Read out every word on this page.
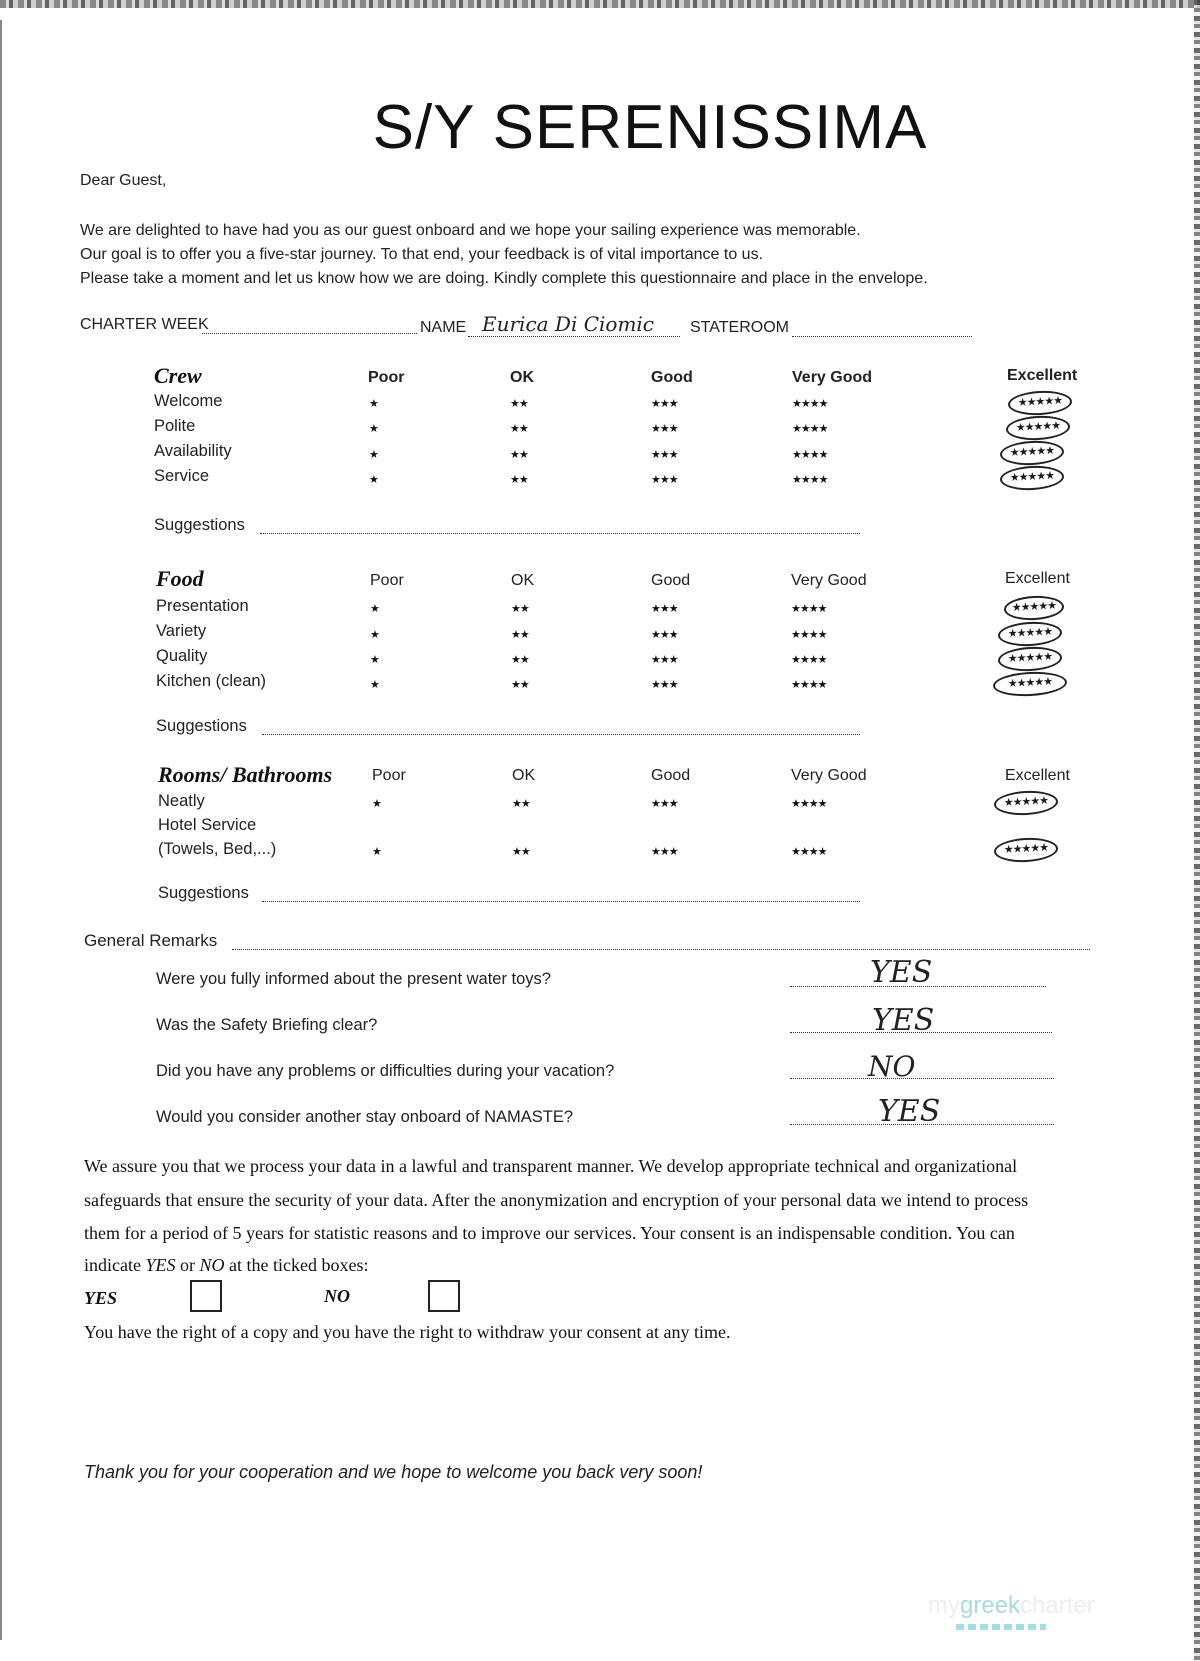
S/Y SERENISSIMA
Dear Guest,
We are delighted to have had you as our guest onboard and we hope your sailing experience was memorable.
Our goal is to offer you a five-star journey. To that end, your feedback is of vital importance to us.
Please take a moment and let us know how we are doing. Kindly complete this questionnaire and place in the envelope.
CHARTER WEEK	NAME Eurica Di Ciomic STATEROOM
Crew	Poor	OK	Good	Very Good	Excellent
Welcome	★	★★	★★★	★★★★	★★★★★
Polite	★	★★	★★★	★★★★	★★★★★
Availability	★	★★	★★★	★★★★	★★★★★
Service	★	★★	★★★	★★★★	★★★★★
Suggestions
Food	Poor	OK	Good	Very Good	Excellent
Presentation	★	★★	★★★	★★★★	★★★★★
Variety	★	★★	★★★	★★★★	★★★★★
Quality	★	★★	★★★	★★★★	★★★★★
Kitchen (clean)	★	★★	★★★	★★★★	★★★★★
Suggestions
Rooms/ Bathrooms Poor	OK	Good	Very Good	Excellent
Neatly	★	★★	★★★	★★★★	★★★★★
Hotel Service
(Towels, Bed,...)	★	★★	★★★	★★★★	★★★★★
Suggestions
General Remarks
Were you fully informed about the present water toys?	YES
Was the Safety Briefing clear?	YES
Did you have any problems or difficulties during your vacation?	NO
Would you consider another stay onboard of NAMASTE?	YES
We assure you that we process your data in a lawful and transparent manner. We develop appropriate technical and organizational
safeguards that ensure the security of your data. After the anonymization and encryption of your personal data we intend to process
them for a period of 5 years for statistic reasons and to improve our services. Your consent is an indispensable condition. You can
indicate YES or NO at the ticked boxes:
YES	NO
You have the right of a copy and you have the right to withdraw your consent at any time.
Thank you for your cooperation and we hope to welcome you back very soon!
mygreekcharter
